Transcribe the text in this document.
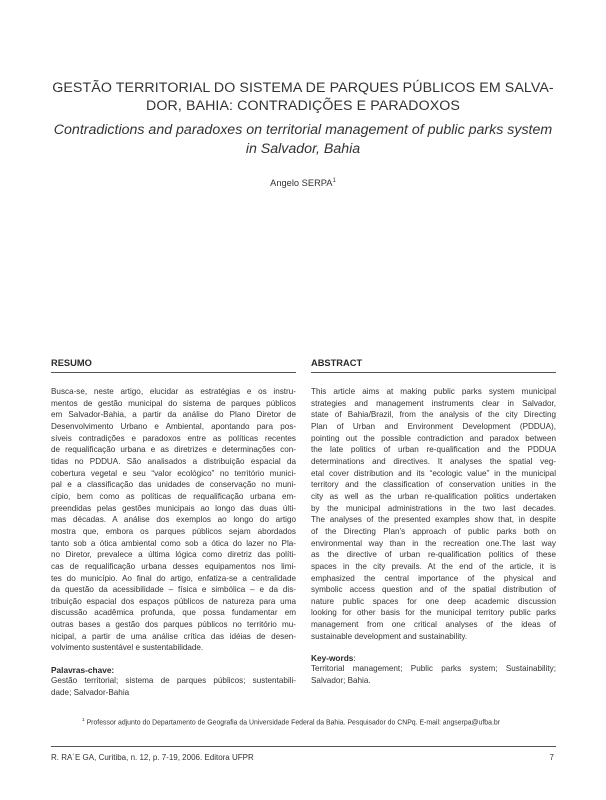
GESTÃO TERRITORIAL DO SISTEMA DE PARQUES PÚBLICOS EM SALVA-
DOR, BAHIA: CONTRADIÇÕES E PARADOXOS
Contradictions and paradoxes on territorial management of public parks system
in Salvador, Bahia
Angelo SERPA$^1$
RESUMO
Busca-se, neste artigo, elucidar as estratégias e os instru-
mentos de gestão municipal do sistema de parques públicos
em Salvador-Bahia, a partir da análise do Plano Diretor de
Desenvolvimento Urbano e Ambiental, apontando para pos-
síveis contradições e paradoxos entre as políticas recentes
de requalificação urbana e as diretrizes e determinações con-
tidas no PDDUA. São analisados a distribuição espacial da
cobertura vegetal e seu “valor ecológico” no território munici-
pal e a classificação das unidades de conservação no muni-
cípio, bem como as políticas de requalificação urbana em-
preendidas pelas gestões municipais ao longo das duas últi-
mas décadas. A análise dos exemplos ao longo do artigo
mostra que, embora os parques públicos sejam abordados
tanto sob a ótica ambiental como sob a ótica do lazer no Pla-
no Diretor, prevalece a última lógica como diretriz das políti-
cas de requalificação urbana desses equipamentos nos limi-
tes do município. Ao final do artigo, enfatiza-se a centralidade
da questão da acessibilidade – física e simbólica – e da dis-
tribuição espacial dos espaços públicos de natureza para uma
discussão acadêmica profunda, que possa fundamentar em
outras bases a gestão dos parques públicos no território mu-
nicipal, a partir de uma análise crítica das idéias de desen-
volvimento sustentável e sustentabilidade.
Palavras-chave:
Gestão territorial; sistema de parques públicos; sustentabili-
dade; Salvador-Bahia
ABSTRACT
This article aims at making public parks system municipal
strategies and management instruments clear in Salvador,
state of Bahia/Brazil, from the analysis of the city Directing
Plan of Urban and Environment Development (PDDUA),
pointing out the possible contradiction and paradox between
the late politics of urban re-qualification and the PDDUA
determinations and directives. It analyses the spatial veg-
etal cover distribution and its “ecologic value” in the municipal
territory and the classification of conservation unities in the
city as well as the urban re-qualification politics undertaken
by the municipal administrations in the two last decades.
The analyses of the presented examples show that, in despite
of the Directing Plan’s approach of public parks both on
environmental way than in the recreation one.The last way
as the directive of urban re-qualification politics of these
spaces in the city prevails. At the end of the article, it is
emphasized the central importance of the physical and
symbolic access question and of the spatial distribution of
nature public spaces for one deep academic discussion
looking for other basis for the municipal territory public parks
management from one critical analyses of the ideas of
sustainable development and sustainability.
Key-words:
Territorial management; Public parks system; Sustainability;
Salvador; Bahia.
$^1$ Professor adjunto do Departamento de Geografia da Universidade Federal da Bahia. Pesquisador do CNPq. E-mail: angserpa@ufba.br
R. RA´E GA, Curitiba, n. 12, p. 7-19, 2006. Editora UFPR	7
